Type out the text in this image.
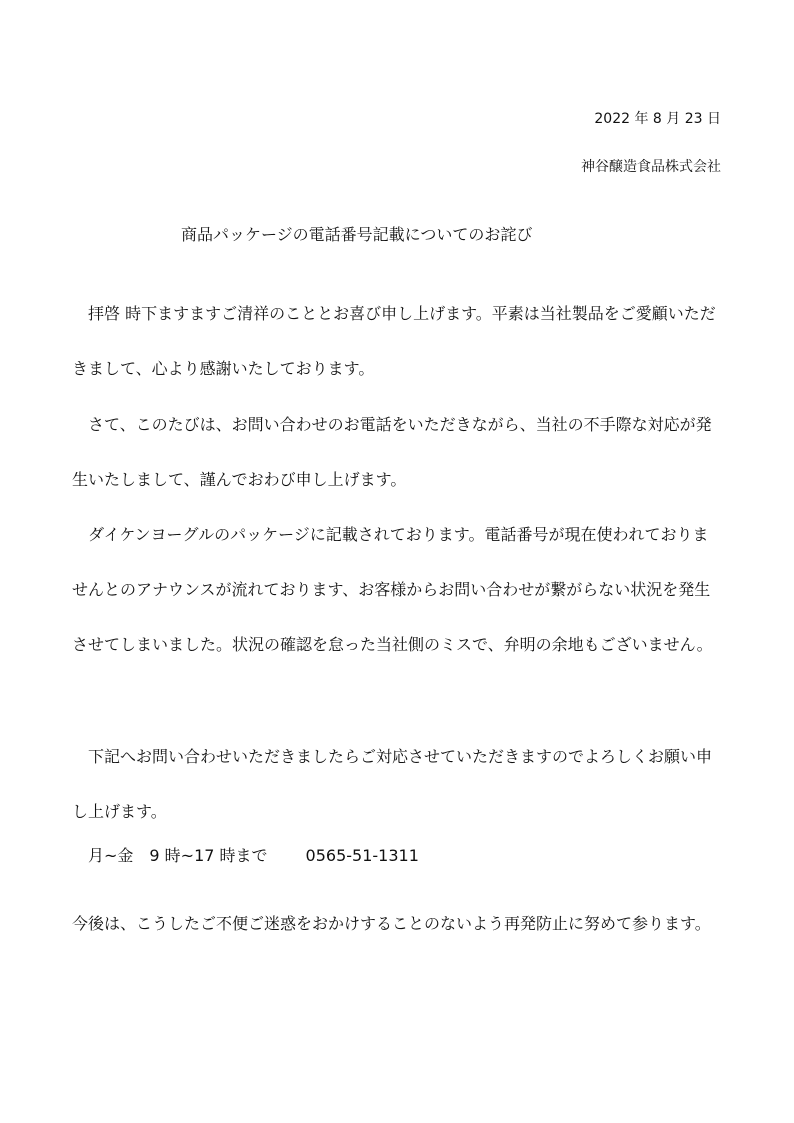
2022 年 8 月 23 日
神谷醸造食品株式会社
商品パッケージの電話番号記載についてのお詫び

拝啓 時下ますますご清祥のこととお喜び申し上げます。平素は当社製品をご愛顧いただきまして、心より感謝いたしております。

さて、このたびは、お問い合わせのお電話をいただきながら、当社の不手際な対応が発生いたしまして、謹んでおわび申し上げます。

ダイケンヨーグルのパッケージに記載されております。電話番号が現在使われておりませんとのアナウンスが流れております、お客様からお問い合わせが繋がらない状況を発生させてしまいました。状況の確認を怠った当社側のミスで、弁明の余地もございません。

下記へお問い合わせいただきましたらご対応させていただきますのでよろしくお願い申し上げます。

月~金　9 時~17 時まで 0565-51-1311

今後は、こうしたご不便ご迷惑をおかけすることのないよう再発防止に努めて参ります。
